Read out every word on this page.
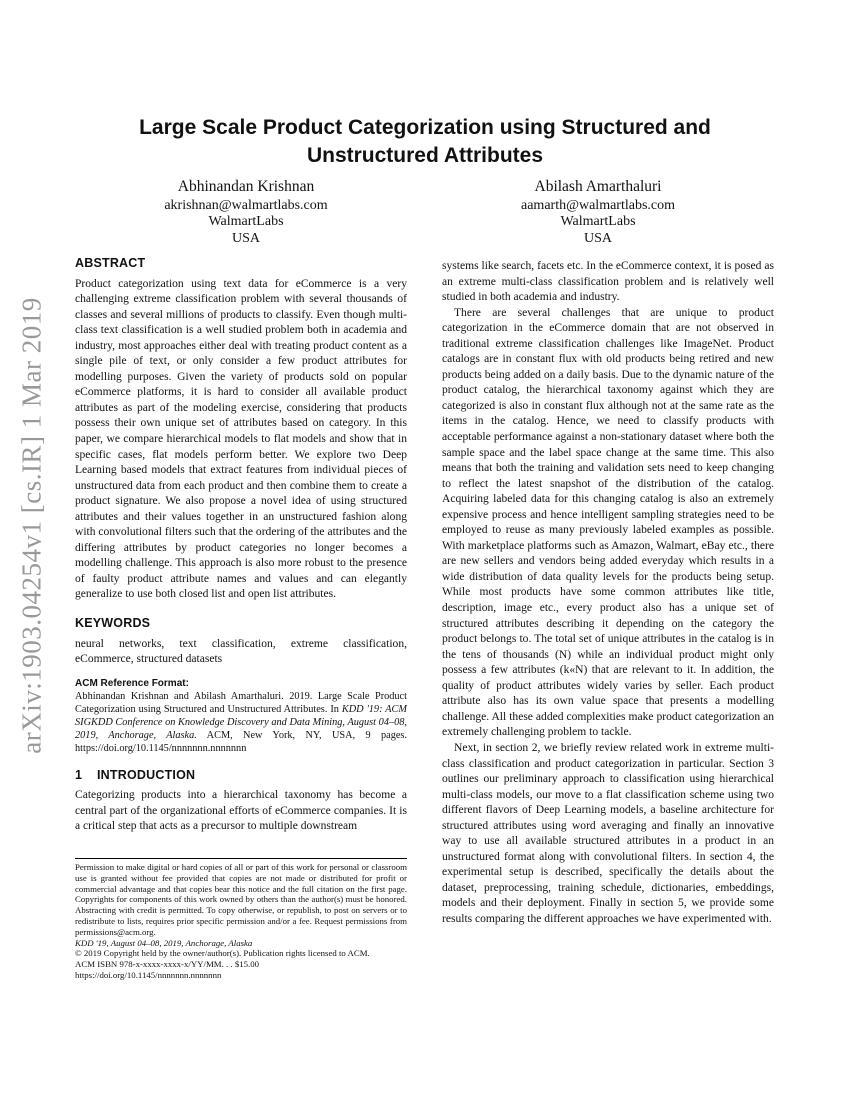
arXiv:1903.04254v1 [cs.IR] 1 Mar 2019
Large Scale Product Categorization using Structured and
Unstructured Attributes
Abhinandan Krishnan
akrishnan@walmartlabs.com
WalmartLabs
USA
Abilash Amarthaluri
aamarth@walmartlabs.com
WalmartLabs
USA
ABSTRACT

Product categorization using text data for eCommerce is a very challenging extreme classification problem with several thousands of classes and several millions of products to classify. Even though multi-class text classification is a well studied problem both in academia and industry, most approaches either deal with treating product content as a single pile of text, or only consider a few product attributes for modelling purposes. Given the variety of products sold on popular eCommerce platforms, it is hard to consider all available product attributes as part of the modeling exercise, considering that products possess their own unique set of attributes based on category. In this paper, we compare hierarchical models to flat models and show that in specific cases, flat models perform better. We explore two Deep Learning based models that extract features from individual pieces of unstructured data from each product and then combine them to create a product signature. We also propose a novel idea of using structured attributes and their values together in an unstructured fashion along with convolutional filters such that the ordering of the attributes and the differing attributes by product categories no longer becomes a modelling challenge. This approach is also more robust to the presence of faulty product attribute names and values and can elegantly generalize to use both closed list and open list attributes.

KEYWORDS

neural networks, text classification, extreme classification, eCommerce, structured datasets

ACM Reference Format:

Abhinandan Krishnan and Abilash Amarthaluri. 2019. Large Scale Product Categorization using Structured and Unstructured Attributes. In KDD '19: ACM SIGKDD Conference on Knowledge Discovery and Data Mining, August 04–08, 2019, Anchorage, Alaska. ACM, New York, NY, USA, 9 pages. https://doi.org/10.1145/nnnnnnn.nnnnnnn

1 INTRODUCTION

Categorizing products into a hierarchical taxonomy has become a central part of the organizational efforts of eCommerce companies. It is a critical step that acts as a precursor to multiple downstream

Permission to make digital or hard copies of all or part of this work for personal or classroom use is granted without fee provided that copies are not made or distributed for profit or commercial advantage and that copies bear this notice and the full citation on the first page. Copyrights for components of this work owned by others than the author(s) must be honored. Abstracting with credit is permitted. To copy otherwise, or republish, to post on servers or to redistribute to lists, requires prior specific permission and/or a fee. Request permissions from permissions@acm.org.

KDD '19, August 04–08, 2019, Anchorage, Alaska

© 2019 Copyright held by the owner/author(s). Publication rights licensed to ACM.

ACM ISBN 978-x-xxxx-xxxx-x/YY/MM. . . $15.00

https://doi.org/10.1145/nnnnnnn.nnnnnnn

systems like search, facets etc. In the eCommerce context, it is posed as an extreme multi-class classification problem and is relatively well studied in both academia and industry.

There are several challenges that are unique to product categorization in the eCommerce domain that are not observed in traditional extreme classification challenges like ImageNet. Product catalogs are in constant flux with old products being retired and new products being added on a daily basis. Due to the dynamic nature of the product catalog, the hierarchical taxonomy against which they are categorized is also in constant flux although not at the same rate as the items in the catalog. Hence, we need to classify products with acceptable performance against a non-stationary dataset where both the sample space and the label space change at the same time. This also means that both the training and validation sets need to keep changing to reflect the latest snapshot of the distribution of the catalog. Acquiring labeled data for this changing catalog is also an extremely expensive process and hence intelligent sampling strategies need to be employed to reuse as many previously labeled examples as possible. With marketplace platforms such as Amazon, Walmart, eBay etc., there are new sellers and vendors being added everyday which results in a wide distribution of data quality levels for the products being setup. While most products have some common attributes like title, description, image etc., every product also has a unique set of structured attributes describing it depending on the category the product belongs to. The total set of unique attributes in the catalog is in the tens of thousands (N) while an individual product might only possess a few attributes (k«N) that are relevant to it. In addition, the quality of product attributes widely varies by seller. Each product attribute also has its own value space that presents a modelling challenge. All these added complexities make product categorization an extremely challenging problem to tackle.

Next, in section 2, we briefly review related work in extreme multi-class classification and product categorization in particular. Section 3 outlines our preliminary approach to classification using hierarchical multi-class models, our move to a flat classification scheme using two different flavors of Deep Learning models, a baseline architecture for structured attributes using word averaging and finally an innovative way to use all available structured attributes in a product in an unstructured format along with convolutional filters. In section 4, the experimental setup is described, specifically the details about the dataset, preprocessing, training schedule, dictionaries, embeddings, models and their deployment. Finally in section 5, we provide some results comparing the different approaches we have experimented with.
